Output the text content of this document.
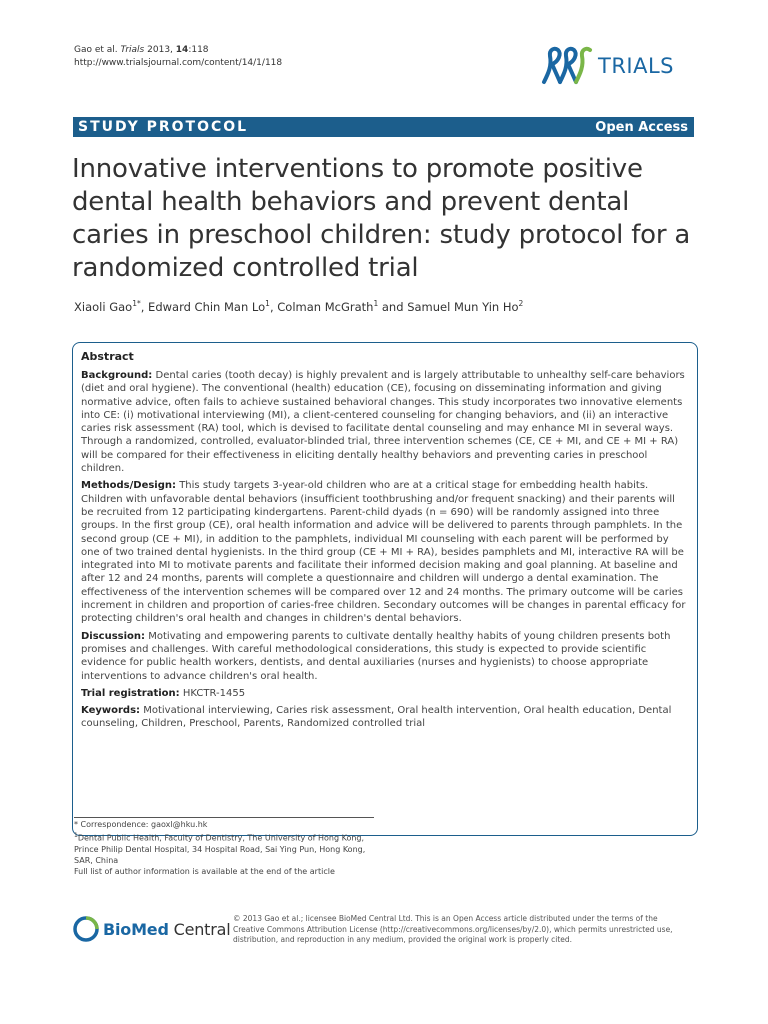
Gao et al. Trials 2013, 14:118
http://www.trialsjournal.com/content/14/1/118	TRIALS
STUDY PROTOCOL	Open Access
Innovative interventions to promote positive dental health behaviors and prevent dental caries in preschool children: study protocol for a randomized controlled trial
Xiaoli Gao$^{1*}$, Edward Chin Man Lo$^1$, Colman McGrath$^1$ and Samuel Mun Yin Ho$^2$
Abstract

Background: Dental caries (tooth decay) is highly prevalent and is largely attributable to unhealthy self-care behaviors (diet and oral hygiene). The conventional (health) education (CE), focusing on disseminating information and giving normative advice, often fails to achieve sustained behavioral changes. This study incorporates two innovative elements into CE: (i) motivational interviewing (MI), a client-centered counseling for changing behaviors, and (ii) an interactive caries risk assessment (RA) tool, which is devised to facilitate dental counseling and may enhance MI in several ways. Through a randomized, controlled, evaluator-blinded trial, three intervention schemes (CE, CE + MI, and CE + MI + RA) will be compared for their effectiveness in eliciting dentally healthy behaviors and preventing caries in preschool children.

Methods/Design: This study targets 3-year-old children who are at a critical stage for embedding health habits. Children with unfavorable dental behaviors (insufficient toothbrushing and/or frequent snacking) and their parents will be recruited from 12 participating kindergartens. Parent-child dyads (n = 690) will be randomly assigned into three groups. In the first group (CE), oral health information and advice will be delivered to parents through pamphlets. In the second group (CE + MI), in addition to the pamphlets, individual MI counseling with each parent will be performed by one of two trained dental hygienists. In the third group (CE + MI + RA), besides pamphlets and MI, interactive RA will be integrated into MI to motivate parents and facilitate their informed decision making and goal planning. At baseline and after 12 and 24 months, parents will complete a questionnaire and children will undergo a dental examination. The effectiveness of the intervention schemes will be compared over 12 and 24 months. The primary outcome will be caries increment in children and proportion of caries-free children. Secondary outcomes will be changes in parental efficacy for protecting children's oral health and changes in children's dental behaviors.

Discussion: Motivating and empowering parents to cultivate dentally healthy habits of young children presents both promises and challenges. With careful methodological considerations, this study is expected to provide scientific evidence for public health workers, dentists, and dental auxiliaries (nurses and hygienists) to choose appropriate interventions to advance children's oral health.

Trial registration: HKCTR-1455

Keywords: Motivational interviewing, Caries risk assessment, Oral health intervention, Oral health education, Dental counseling, Children, Preschool, Parents, Randomized controlled trial

* Correspondence: gaoxl@hku.hk
$^1$Dental Public Health, Faculty of Dentistry, The University of Hong Kong,
Prince Philip Dental Hospital, 34 Hospital Road, Sai Ying Pun, Hong Kong,
SAR, China
Full list of author information is available at the end of the article
BioMed Central
© 2013 Gao et al.; licensee BioMed Central Ltd. This is an Open Access article distributed under the terms of the Creative Commons Attribution License (http://creativecommons.org/licenses/by/2.0), which permits unrestricted use, distribution, and reproduction in any medium, provided the original work is properly cited.
